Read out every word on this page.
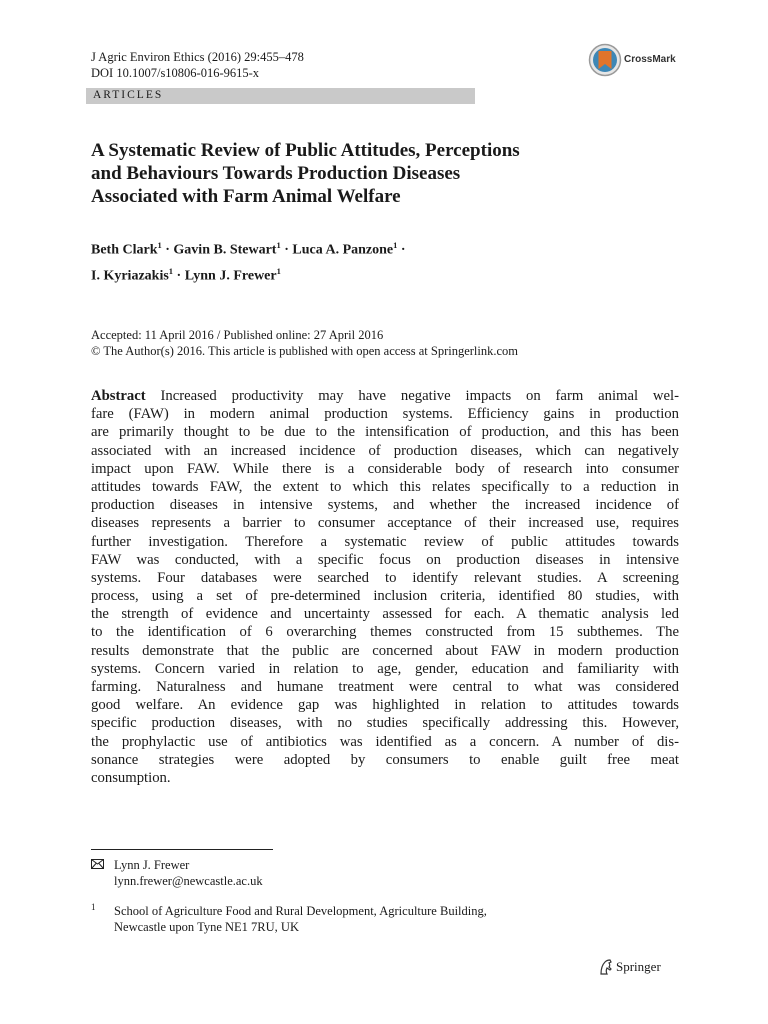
J Agric Environ Ethics (2016) 29:455–478
DOI 10.1007/s10806-016-9615-x
CrossMark
ARTICLES
A Systematic Review of Public Attitudes, Perceptions
and Behaviours Towards Production Diseases
Associated with Farm Animal Welfare
Beth Clark$^1$ · Gavin B. Stewart$^1$ · Luca A. Panzone$^1$ ·
I. Kyriazakis$^1$ · Lynn J. Frewer$^1$
Accepted: 11 April 2016 / Published online: 27 April 2016
© The Author(s) 2016. This article is published with open access at Springerlink.com
Abstract Increased productivity may have negative impacts on farm animal wel-
fare (FAW) in modern animal production systems. Efficiency gains in production
are primarily thought to be due to the intensification of production, and this has been
associated with an increased incidence of production diseases, which can negatively
impact upon FAW. While there is a considerable body of research into consumer
attitudes towards FAW, the extent to which this relates specifically to a reduction in
production diseases in intensive systems, and whether the increased incidence of
diseases represents a barrier to consumer acceptance of their increased use, requires
further investigation. Therefore a systematic review of public attitudes towards
FAW was conducted, with a specific focus on production diseases in intensive
systems. Four databases were searched to identify relevant studies. A screening
process, using a set of pre-determined inclusion criteria, identified 80 studies, with
the strength of evidence and uncertainty assessed for each. A thematic analysis led
to the identification of 6 overarching themes constructed from 15 subthemes. The
results demonstrate that the public are concerned about FAW in modern production
systems. Concern varied in relation to age, gender, education and familiarity with
farming. Naturalness and humane treatment were central to what was considered
good welfare. An evidence gap was highlighted in relation to attitudes towards
specific production diseases, with no studies specifically addressing this. However,
the prophylactic use of antibiotics was identified as a concern. A number of dis-
sonance strategies were adopted by consumers to enable guilt free meat
consumption.
Lynn J. Frewer
lynn.frewer@newcastle.ac.uk
1 School of Agriculture Food and Rural Development, Agriculture Building,
Newcastle upon Tyne NE1 7RU, UK
Springer
